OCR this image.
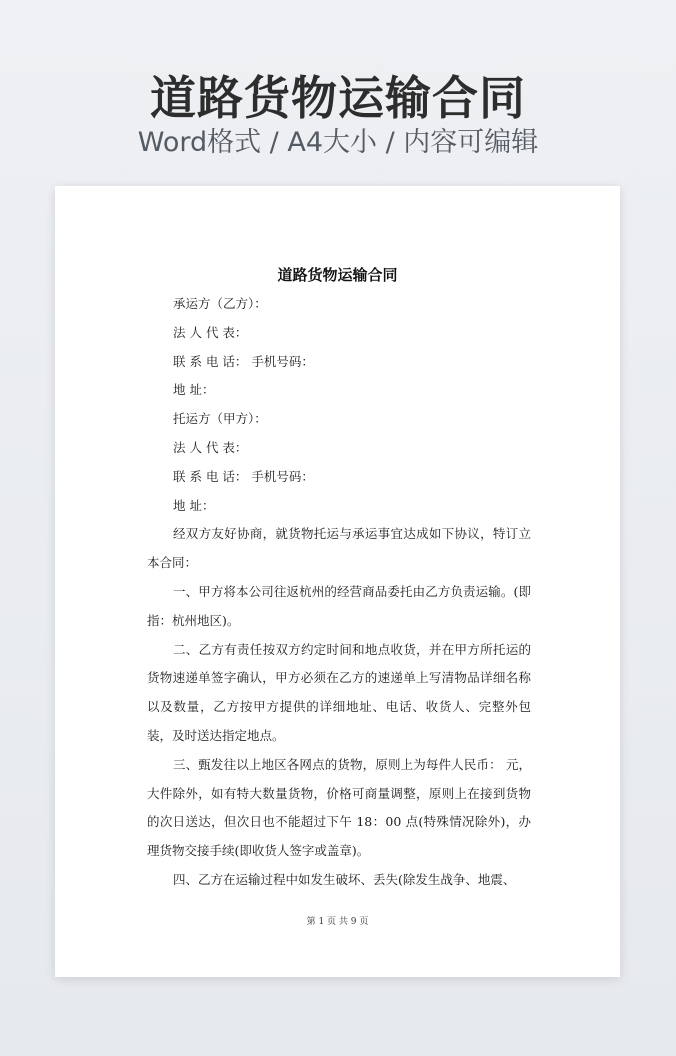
道路货物运输合同
Word格式 / A4大小 / 内容可编辑
道路货物运输合同

承运方（乙方）：

法 人 代 表：

联 系 电 话： 手机号码：

地 址：

托运方（甲方）：

法 人 代 表：

联 系 电 话： 手机号码：

地 址：

经双方友好协商，就货物托运与承运事宜达成如下协议，特订立本合同：

一、甲方将本公司往返杭州的经营商品委托由乙方负责运输。(即指：杭州地区)。

二、乙方有责任按双方约定时间和地点收货，并在甲方所托运的货物速递单签字确认，甲方必须在乙方的速递单上写清物品详细名称以及数量，乙方按甲方提供的详细地址、电话、收货人、完整外包装，及时送达指定地点。

三、甄发往以上地区各网点的货物，原则上为每件人民币： 元，大件除外，如有特大数量货物，价格可商量调整，原则上在接到货物的次日送达，但次日也不能超过下午 18：00 点(特殊情况除外)，办理货物交接手续(即收货人签字或盖章)。

四、乙方在运输过程中如发生破坏、丢失(除发生战争、地震、

第 1 页 共 9 页
